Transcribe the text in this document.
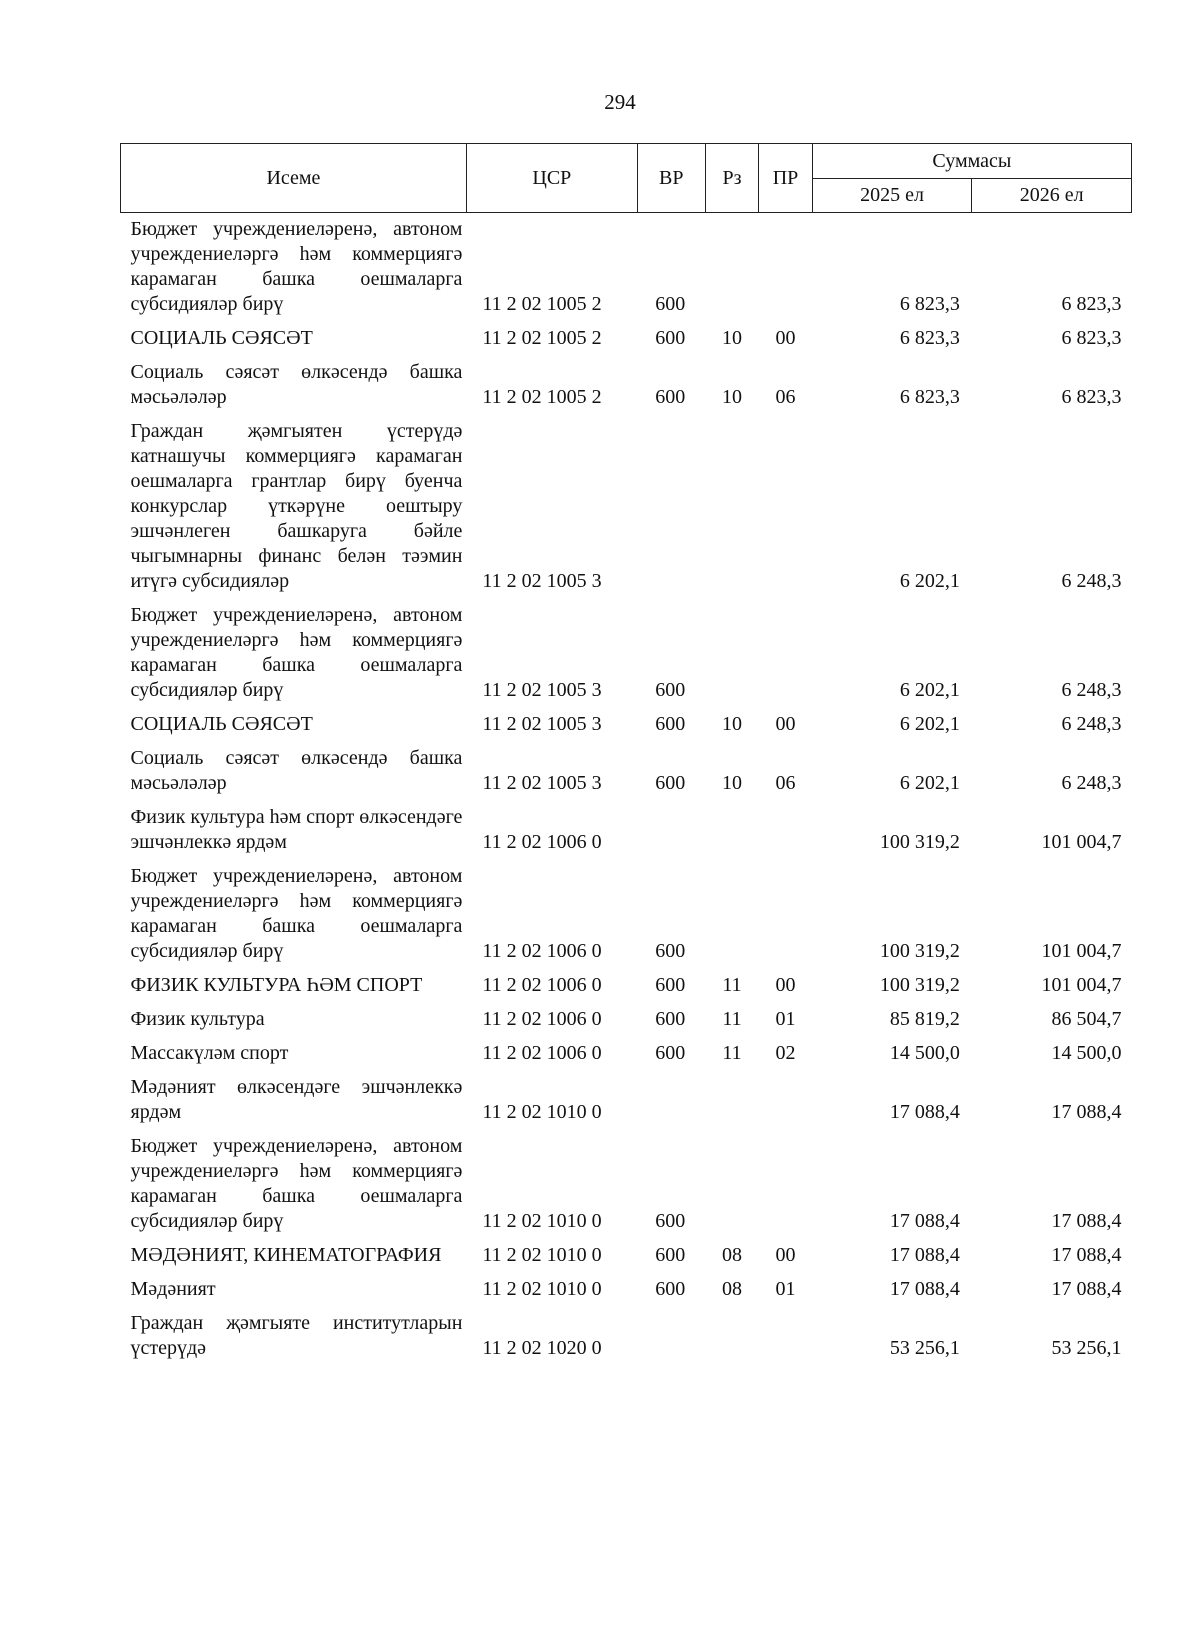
294
Исеме	ЦСР	ВР	Рз	ПР	Суммасы	
					2025 ел	2026 ел
Бюджет учреждениеләренә, автоном учреждениеләргә һәм коммерциягә карамаган башка оешмаларга субсидияләр бирү	11 2 02 1005 2	600			6 823,3	6 823,3
СОЦИАЛЬ СӘЯСӘТ	11 2 02 1005 2	600	10	00	6 823,3	6 823,3
Социаль сәясәт өлкәсендә башка мәсьәләләр	11 2 02 1005 2	600	10	06	6 823,3	6 823,3
Граждан җәмгыятен үстерүдә катнашучы коммерциягә карамаган оешмаларга грантлар бирү буенча конкурслар үткәрүне оештыру эшчәнлеген башкаруга бәйле чыгымнарны финанс белән тәэмин итүгә субсидияләр	11 2 02 1005 3				6 202,1	6 248,3
Бюджет учреждениеләренә, автоном учреждениеләргә һәм коммерциягә карамаган башка оешмаларга субсидияләр бирү	11 2 02 1005 3	600			6 202,1	6 248,3
СОЦИАЛЬ СӘЯСӘТ	11 2 02 1005 3	600	10	00	6 202,1	6 248,3
Социаль сәясәт өлкәсендә башка мәсьәләләр	11 2 02 1005 3	600	10	06	6 202,1	6 248,3
Физик культура һәм спорт өлкәсендәге эшчәнлеккә ярдәм	11 2 02 1006 0				100 319,2	101 004,7
Бюджет учреждениеләренә, автоном учреждениеләргә һәм коммерциягә карамаган башка оешмаларга субсидияләр бирү	11 2 02 1006 0	600			100 319,2	101 004,7
ФИЗИК КУЛЬТУРА ҺӘМ СПОРТ	11 2 02 1006 0	600	11	00	100 319,2	101 004,7
Физик культура	11 2 02 1006 0	600	11	01	85 819,2	86 504,7
Массакүләм спорт	11 2 02 1006 0	600	11	02	14 500,0	14 500,0
Мәдәният өлкәсендәге эшчәнлеккә ярдәм	11 2 02 1010 0				17 088,4	17 088,4
Бюджет учреждениеләренә, автоном учреждениеләргә һәм коммерциягә карамаган башка оешмаларга субсидияләр бирү	11 2 02 1010 0	600			17 088,4	17 088,4
МӘДӘНИЯТ, КИНЕМАТОГРАФИЯ	11 2 02 1010 0	600	08	00	17 088,4	17 088,4
Мәдәният	11 2 02 1010 0	600	08	01	17 088,4	17 088,4
Граждан җәмгыяте институтларын үстерүдә	11 2 02 1020 0				53 256,1	53 256,1
